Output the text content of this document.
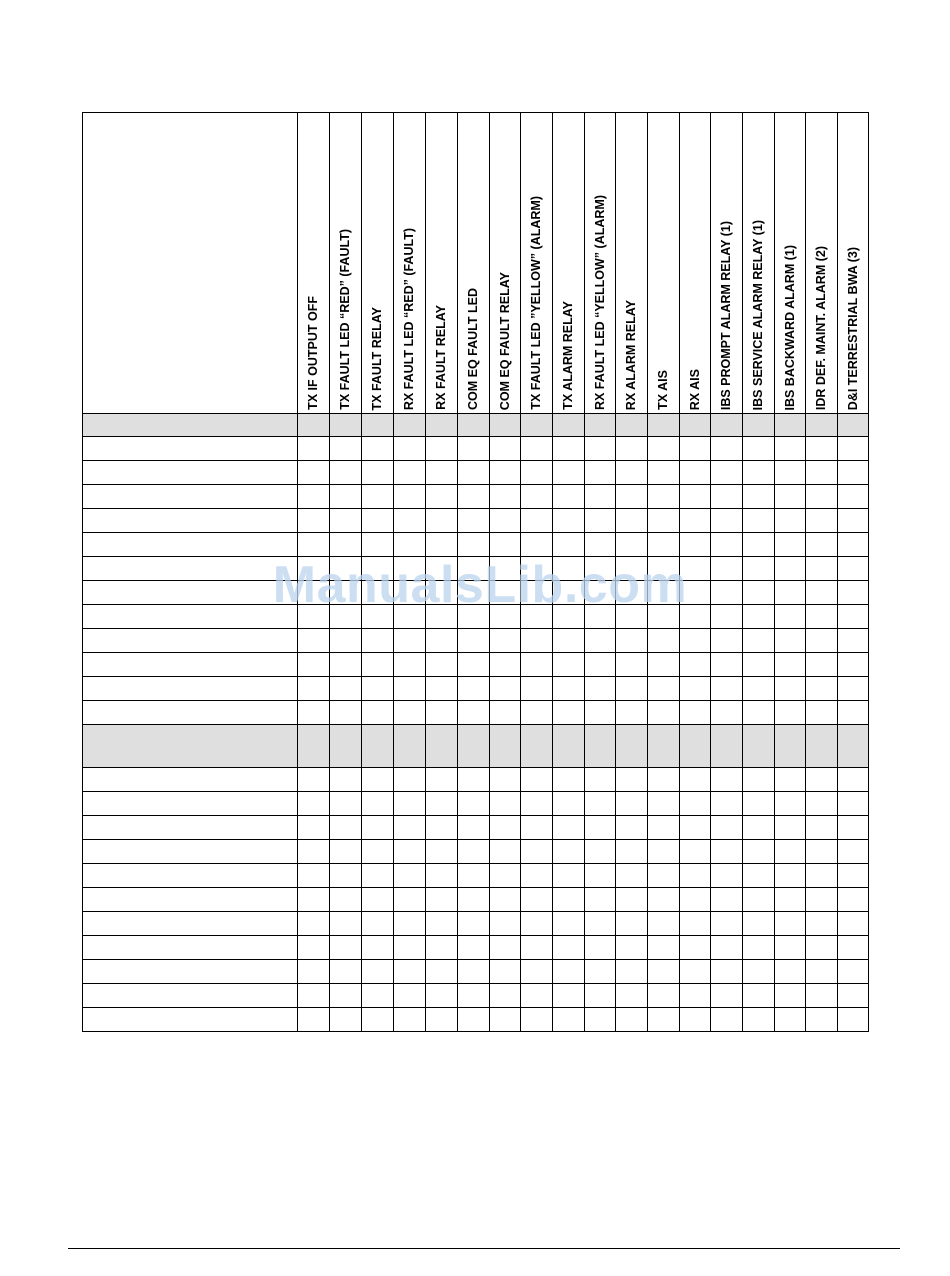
	TX IF OUTPUT OFF	TX FAULT LED “RED” (FAULT)	TX FAULT RELAY	RX FAULT LED “RED” (FAULT)	RX FAULT RELAY	COM EQ FAULT LED	COM EQ FAULT RELAY	TX FAULT LED ”YELLOW” (ALARM)	TX ALARM RELAY	RX FAULT LED “YELLOW” (ALARM)	RX ALARM RELAY	TX AIS	RX AIS	IBS PROMPT ALARM RELAY (1)	IBS SERVICE ALARM RELAY (1)	IBS BACKWARD ALARM (1)	IDR DEF. MAINT. ALARM (2)	D&I TERRESTRIAL BWA (3)

ManualsLib.com
